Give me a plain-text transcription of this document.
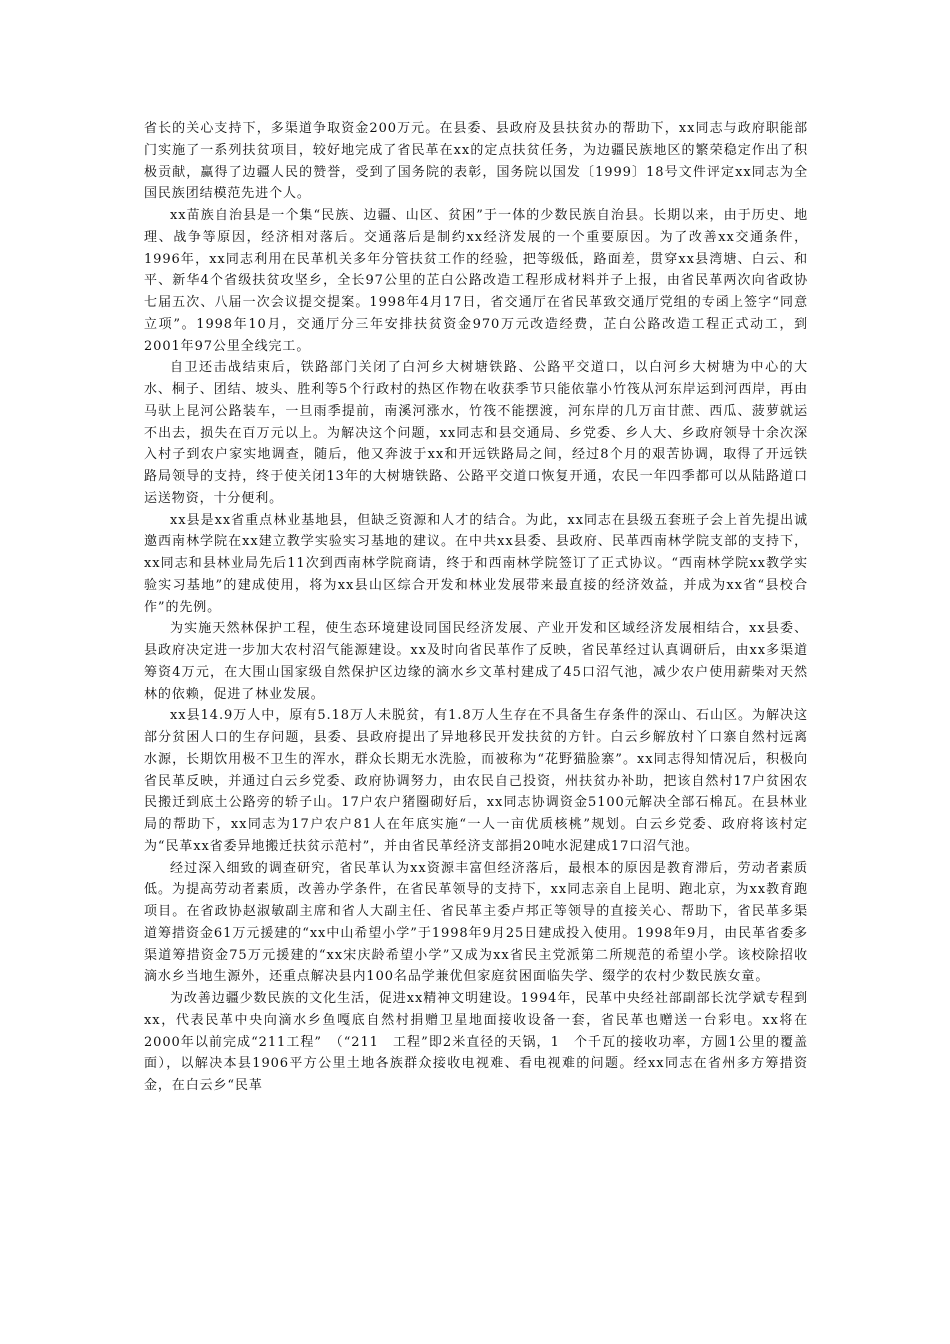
省长的关心支持下，多渠道争取资金200万元。在县委、县政府及县扶贫办的帮助下，xx同志与政府职能部门实施了一系列扶贫项目，较好地完成了省民革在xx的定点扶贫任务，为边疆民族地区的繁荣稳定作出了积极贡献，赢得了边疆人民的赞誉，受到了国务院的表彰，国务院以国发〔1999〕18号文件评定xx同志为全国民族团结模范先进个人。

xx苗族自治县是一个集“民族、边疆、山区、贫困”于一体的少数民族自治县。长期以来，由于历史、地理、战争等原因，经济相对落后。交通落后是制约xx经济发展的一个重要原因。为了改善xx交通条件，1996年，xx同志利用在民革机关多年分管扶贫工作的经验，把等级低，路面差，贯穿xx县湾塘、白云、和平、新华4个省级扶贫攻坚乡，全长97公里的芷白公路改造工程形成材料并子上报，由省民革两次向省政协七届五次、八届一次会议提交提案。1998年4月17日，省交通厅在省民革致交通厅党组的专函上签字“同意立项”。1998年10月，交通厅分三年安排扶贫资金970万元改造经费，芷白公路改造工程正式动工，到2001年97公里全线完工。

自卫还击战结束后，铁路部门关闭了白河乡大树塘铁路、公路平交道口，以白河乡大树塘为中心的大水、桐子、团结、坡头、胜利等5个行政村的热区作物在收获季节只能依靠小竹筏从河东岸运到河西岸，再由马驮上昆河公路装车，一旦雨季提前，南溪河涨水，竹筏不能摆渡，河东岸的几万亩甘蔗、西瓜、菠萝就运不出去，损失在百万元以上。为解决这个问题，xx同志和县交通局、乡党委、乡人大、乡政府领导十余次深入村子到农户家实地调查，随后，他又奔波于xx和开远铁路局之间，经过8个月的艰苦协调，取得了开远铁路局领导的支持，终于使关闭13年的大树塘铁路、公路平交道口恢复开通，农民一年四季都可以从陆路道口运送物资，十分便利。

xx县是xx省重点林业基地县，但缺乏资源和人才的结合。为此，xx同志在县级五套班子会上首先提出诚邀西南林学院在xx建立教学实验实习基地的建议。在中共xx县委、县政府、民革西南林学院支部的支持下，xx同志和县林业局先后11次到西南林学院商请，终于和西南林学院签订了正式协议。“西南林学院xx教学实验实习基地”的建成使用，将为xx县山区综合开发和林业发展带来最直接的经济效益，并成为xx省“县校合作”的先例。

为实施天然林保护工程，使生态环境建设同国民经济发展、产业开发和区域经济发展相结合，xx县委、县政府决定进一步加大农村沼气能源建设。xx及时向省民革作了反映，省民革经过认真调研后，由xx多渠道筹资4万元，在大围山国家级自然保护区边缘的滴水乡文革村建成了45口沼气池，减少农户使用薪柴对天然林的依赖，促进了林业发展。

xx县14.9万人中，原有5.18万人未脱贫，有1.8万人生存在不具备生存条件的深山、石山区。为解决这部分贫困人口的生存问题，县委、县政府提出了异地移民开发扶贫的方针。白云乡解放村丫口寨自然村远离水源，长期饮用极不卫生的浑水，群众长期无水洗脸，而被称为“花野猫脸寨”。xx同志得知情况后，积极向省民革反映，并通过白云乡党委、政府协调努力，由农民自己投资，州扶贫办补助，把该自然村17户贫困农民搬迁到底土公路旁的轿子山。17户农户猪圈砌好后，xx同志协调资金5100元解决全部石棉瓦。在县林业局的帮助下，xx同志为17户农户81人在年底实施“一人一亩优质核桃”规划。白云乡党委、政府将该村定为“民革xx省委异地搬迁扶贫示范村”，并由省民革经济支部捐20吨水泥建成17口沼气池。

经过深入细致的调查研究，省民革认为xx资源丰富但经济落后，最根本的原因是教育滞后，劳动者素质低。为提高劳动者素质，改善办学条件，在省民革领导的支持下，xx同志亲自上昆明、跑北京，为xx教育跑项目。在省政协赵淑敏副主席和省人大副主任、省民革主委卢邦正等领导的直接关心、帮助下，省民革多渠道筹措资金61万元援建的“xx中山希望小学”于1998年9月25日建成投入使用。1998年9月，由民革省委多渠道筹措资金75万元援建的“xx宋庆龄希望小学”又成为xx省民主党派第二所规范的希望小学。该校除招收滴水乡当地生源外，还重点解决县内100名品学兼优但家庭贫困面临失学、缀学的农村少数民族女童。

为改善边疆少数民族的文化生活，促进xx精神文明建设。1994年，民革中央经社部副部长沈学斌专程到xx，代表民革中央向滴水乡鱼嘎底自然村捐赠卫星地面接收设备一套，省民革也赠送一台彩电。xx将在2000年以前完成“211工程”　（“211　工程”即2米直径的天锅，1　个千瓦的接收功率，方圆1公里的覆盖面），以解决本县1906平方公里土地各族群众接收电视难、看电视难的问题。经xx同志在省州多方筹措资金，在白云乡“民革
